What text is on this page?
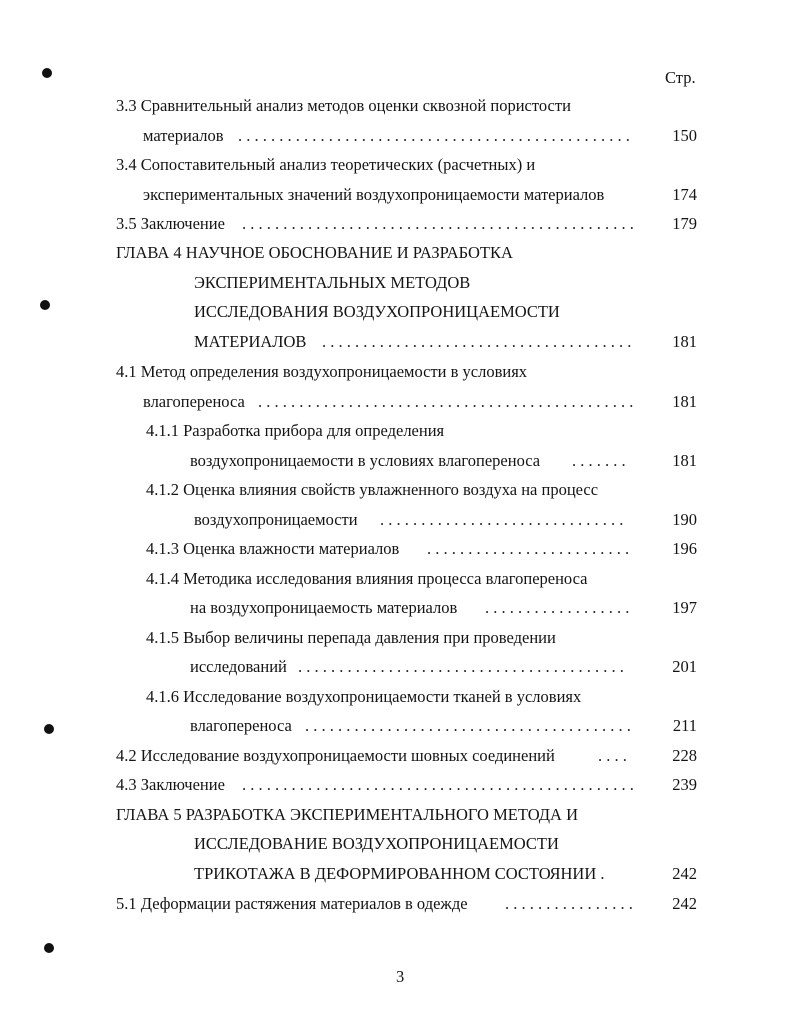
Стр.
3.3 Сравнительный анализ методов оценки сквозной пористости
материалов . . .	150
3.4 Сопоставительный анализ теоретических (расчетных) и
экспериментальных значений воздухопроницаемости материалов	174
3.5 Заключение . . .	179
ГЛАВА 4 НАУЧНОЕ ОБОСНОВАНИЕ И РАЗРАБОТКА
ЭКСПЕРИМЕНТАЛЬНЫХ МЕТОДОВ
ИССЛЕДОВАНИЯ ВОЗДУХОПРОНИЦАЕМОСТИ
МАТЕРИАЛОВ . . .	181
4.1 Метод определения воздухопроницаемости в условиях
влагопереноса . . .	181
4.1.1 Разработка прибора для определения
воздухопроницаемости в условиях влагопереноса . . .	181
4.1.2 Оценка влияния свойств увлажненного воздуха на процесс
воздухопроницаемости . . .	190
4.1.3 Оценка влажности материалов . . .	196
4.1.4 Методика исследования влияния процесса влагопереноса
на воздухопроницаемость материалов . . .	197
4.1.5 Выбор величины перепада давления при проведении
исследований . . .	201
4.1.6 Исследование воздухопроницаемости тканей в условиях
влагопереноса . . .	211
4.2 Исследование воздухопроницаемости шовных соединений . . .	228
4.3 Заключение . . .	239
ГЛАВА 5 РАЗРАБОТКА ЭКСПЕРИМЕНТАЛЬНОГО МЕТОДА И
ИССЛЕДОВАНИЕ ВОЗДУХОПРОНИЦАЕМОСТИ
ТРИКОТАЖА В ДЕФОРМИРОВАННОМ СОСТОЯНИИ .	242
5.1 Деформации растяжения материалов в одежде . . .	242
3
